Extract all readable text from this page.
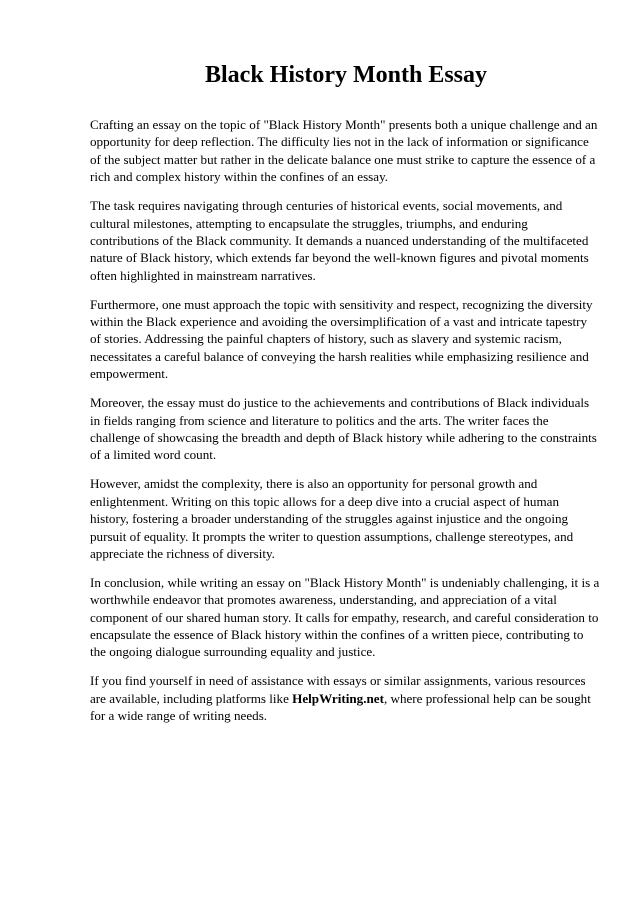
Black History Month Essay

Crafting an essay on the topic of "Black History Month" presents both a unique challenge and an opportunity for deep reflection. The difficulty lies not in the lack of information or significance of the subject matter but rather in the delicate balance one must strike to capture the essence of a rich and complex history within the confines of an essay.

The task requires navigating through centuries of historical events, social movements, and cultural milestones, attempting to encapsulate the struggles, triumphs, and enduring contributions of the Black community. It demands a nuanced understanding of the multifaceted nature of Black history, which extends far beyond the well-known figures and pivotal moments often highlighted in mainstream narratives.

Furthermore, one must approach the topic with sensitivity and respect, recognizing the diversity within the Black experience and avoiding the oversimplification of a vast and intricate tapestry of stories. Addressing the painful chapters of history, such as slavery and systemic racism, necessitates a careful balance of conveying the harsh realities while emphasizing resilience and empowerment.

Moreover, the essay must do justice to the achievements and contributions of Black individuals in fields ranging from science and literature to politics and the arts. The writer faces the challenge of showcasing the breadth and depth of Black history while adhering to the constraints of a limited word count.

However, amidst the complexity, there is also an opportunity for personal growth and enlightenment. Writing on this topic allows for a deep dive into a crucial aspect of human history, fostering a broader understanding of the struggles against injustice and the ongoing pursuit of equality. It prompts the writer to question assumptions, challenge stereotypes, and appreciate the richness of diversity.

In conclusion, while writing an essay on "Black History Month" is undeniably challenging, it is a worthwhile endeavor that promotes awareness, understanding, and appreciation of a vital component of our shared human story. It calls for empathy, research, and careful consideration to encapsulate the essence of Black history within the confines of a written piece, contributing to the ongoing dialogue surrounding equality and justice.

If you find yourself in need of assistance with essays or similar assignments, various resources are available, including platforms like HelpWriting.net, where professional help can be sought for a wide range of writing needs.
